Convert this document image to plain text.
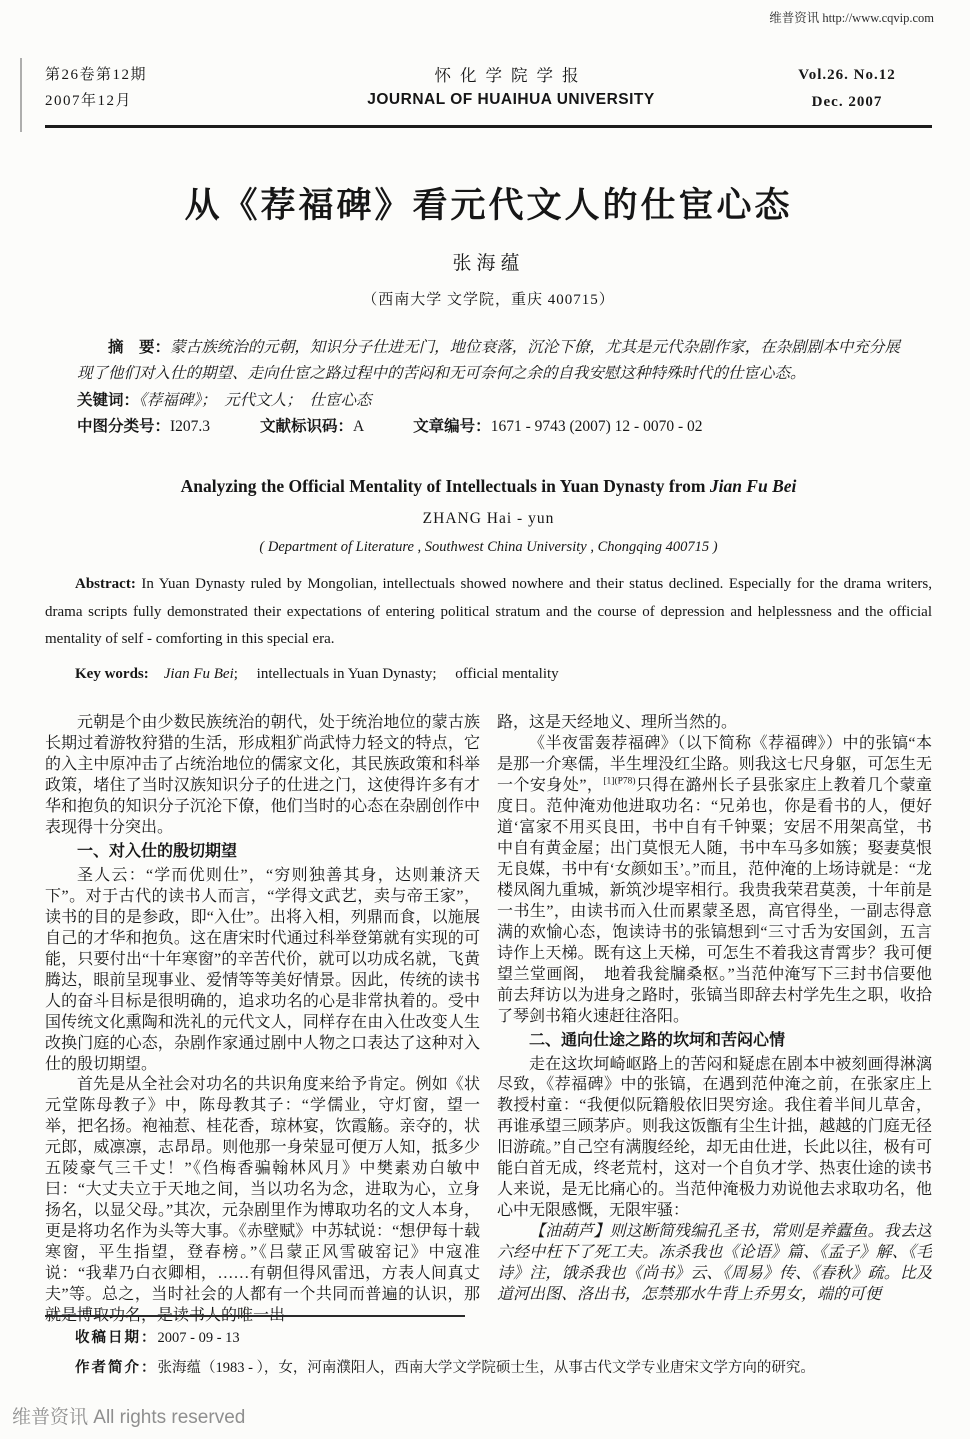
维普资讯 http://www.cqvip.com
第26卷第12期
2007年12月
怀化学院学报
JOURNAL OF HUAIHUA UNIVERSITY
Vol.26. No.12
Dec. 2007
从《荐福碑》看元代文人的仕宦心态
张海蕴
（西南大学 文学院，重庆 400715）

摘　要：蒙古族统治的元朝，知识分子仕进无门，地位衰落，沉沦下僚，尤其是元代杂剧作家，在杂剧剧本中充分展现了他们对入仕的期望、走向仕宦之路过程中的苦闷和无可奈何之余的自我安慰这种特殊时代的仕宦心态。

关键词：《荐福碑》；　元代文人；　仕宦心态

中图分类号：I207.3	文献标识码：A	文章编号：1671 - 9743 (2007) 12 - 0070 - 02

Analyzing the Official Mentality of Intellectuals in Yuan Dynasty from Jian Fu Bei
ZHANG Hai - yun
( Department of Literature , Southwest China University , Chongqing 400715 )

Abstract: In Yuan Dynasty ruled by Mongolian, intellectuals showed nowhere and their status declined. Especially for the drama writers, drama scripts fully demonstrated their expectations of entering political stratum and the course of depression and helplessness and the official mentality of self - comforting in this special era.

Key words:　 Jian Fu Bei;　 intellectuals in Yuan Dynasty;　 official mentality

元朝是个由少数民族统治的朝代，处于统治地位的蒙古族长期过着游牧狩猎的生活，形成粗犷尚武恃力轻文的特点，它的入主中原冲击了占统治地位的儒家文化，其民族政策和科举政策，堵住了当时汉族知识分子的仕进之门，这使得许多有才华和抱负的知识分子沉沦下僚，他们当时的心态在杂剧创作中表现得十分突出。

一、对入仕的殷切期望

圣人云：“学而优则仕”，“穷则独善其身，达则兼济天下”。对于古代的读书人而言，“学得文武艺，卖与帝王家”，读书的目的是参政，即“入仕”。出将入相，列鼎而食，以施展自己的才华和抱负。这在唐宋时代通过科举登第就有实现的可能，只要付出“十年寒窗”的辛苦代价，就可以功成名就，飞黄腾达，眼前呈现事业、爱情等等美好情景。因此，传统的读书人的奋斗目标是很明确的，追求功名的心是非常执着的。受中国传统文化熏陶和洗礼的元代文人，同样存在由入仕改变人生改换门庭的心态，杂剧作家通过剧中人物之口表达了这种对入仕的殷切期望。

首先是从全社会对功名的共识角度来给予肯定。例如《状元堂陈母教子》中，陈母教其子：“学儒业，守灯窗，望一举，把名扬。袍袖惹、桂花香，琼林宴，饮霞觞。亲夺的，状元郎，威凛凛，志昂昂。则他那一身荣显可便万人知，抵多少五陵豪气三千丈！”《㑇梅香骗翰林风月》中樊素劝白敏中曰：“大丈夫立于天地之间，当以功名为念，进取为心，立身扬名，以显父母。”其次，元杂剧里作为博取功名的文人本身，更是将功名作为头等大事。《赤壁赋》中苏轼说：“想伊每十载寒窗，平生指望，登春榜。”《吕蒙正风雪破窑记》中寇准说：“我辈乃白衣卿相，……有朝但得风雷迅，方表人间真丈夫”等。总之，当时社会的人都有一个共同而普遍的认识，那就是博取功名，是读书人的唯一出

路，这是天经地义、理所当然的。

《半夜雷轰荐福碑》（以下简称《荐福碑》）中的张镐“本是那一介寒儒，半生埋没红尘路。则我这七尺身躯，可怎生无一个安身处”，$^{[1](P78)}$只得在潞州长子县张家庄上教着几个蒙童度日。范仲淹劝他进取功名：“兄弟也，你是看书的人，便好道‘富家不用买良田，书中自有千钟粟；安居不用架高堂，书中自有黄金屋；出门莫恨无人随，书中车马多如簇；娶妻莫恨无良媒，书中有‘女颜如玉’。”而且，范仲淹的上场诗就是：“龙楼凤阁九重城，新筑沙堤宰相行。我贵我荣君莫羡，十年前是一书生”，由读书而入仕而累蒙圣恩，高官得坐，一副志得意满的欢愉心态，饱读诗书的张镐想到“三寸舌为安国剑，五言诗作上天梯。既有这上天梯，可怎生不着我这青霄步？我可便望兰堂画阁，　地着我瓮牖桑枢。”当范仲淹写下三封书信要他前去拜访以为进身之路时，张镐当即辞去村学先生之职，收拾了琴剑书箱火速赶往洛阳。

二、通向仕途之路的坎坷和苦闷心情

走在这坎坷崎岖路上的苦闷和疑虑在剧本中被刻画得淋漓尽致，《荐福碑》中的张镐，在遇到范仲淹之前，在张家庄上教授村童：“我便似阮籍般依旧哭穷途。我住着半间儿草舍，再谁承望三顾茅庐。则我这饭甑有尘生计拙，越越的门庭无径旧游疏。”自己空有满腹经纶，却无由仕进，长此以往，极有可能白首无成，终老荒村，这对一个自负才学、热衷仕途的读书人来说，是无比痛心的。当范仲淹极力劝说他去求取功名，他心中无限感慨，无限牢骚：

【油葫芦】则这断简残编孔圣书，常则是养蠹鱼。我去这六经中枉下了死工夫。冻杀我也《论语》篇、《孟子》解、《毛诗》注，饿杀我也《尚书》云、《周易》传、《春秋》疏。比及道河出图、洛出书，怎禁那水牛背上乔男女，端的可便

收稿日期：2007 - 09 - 13

作者简介：张海蕴（1983 - ），女，河南濮阳人，西南大学文学院硕士生，从事古代文学专业唐宋文学方向的研究。

维普资讯 All rights reserved
